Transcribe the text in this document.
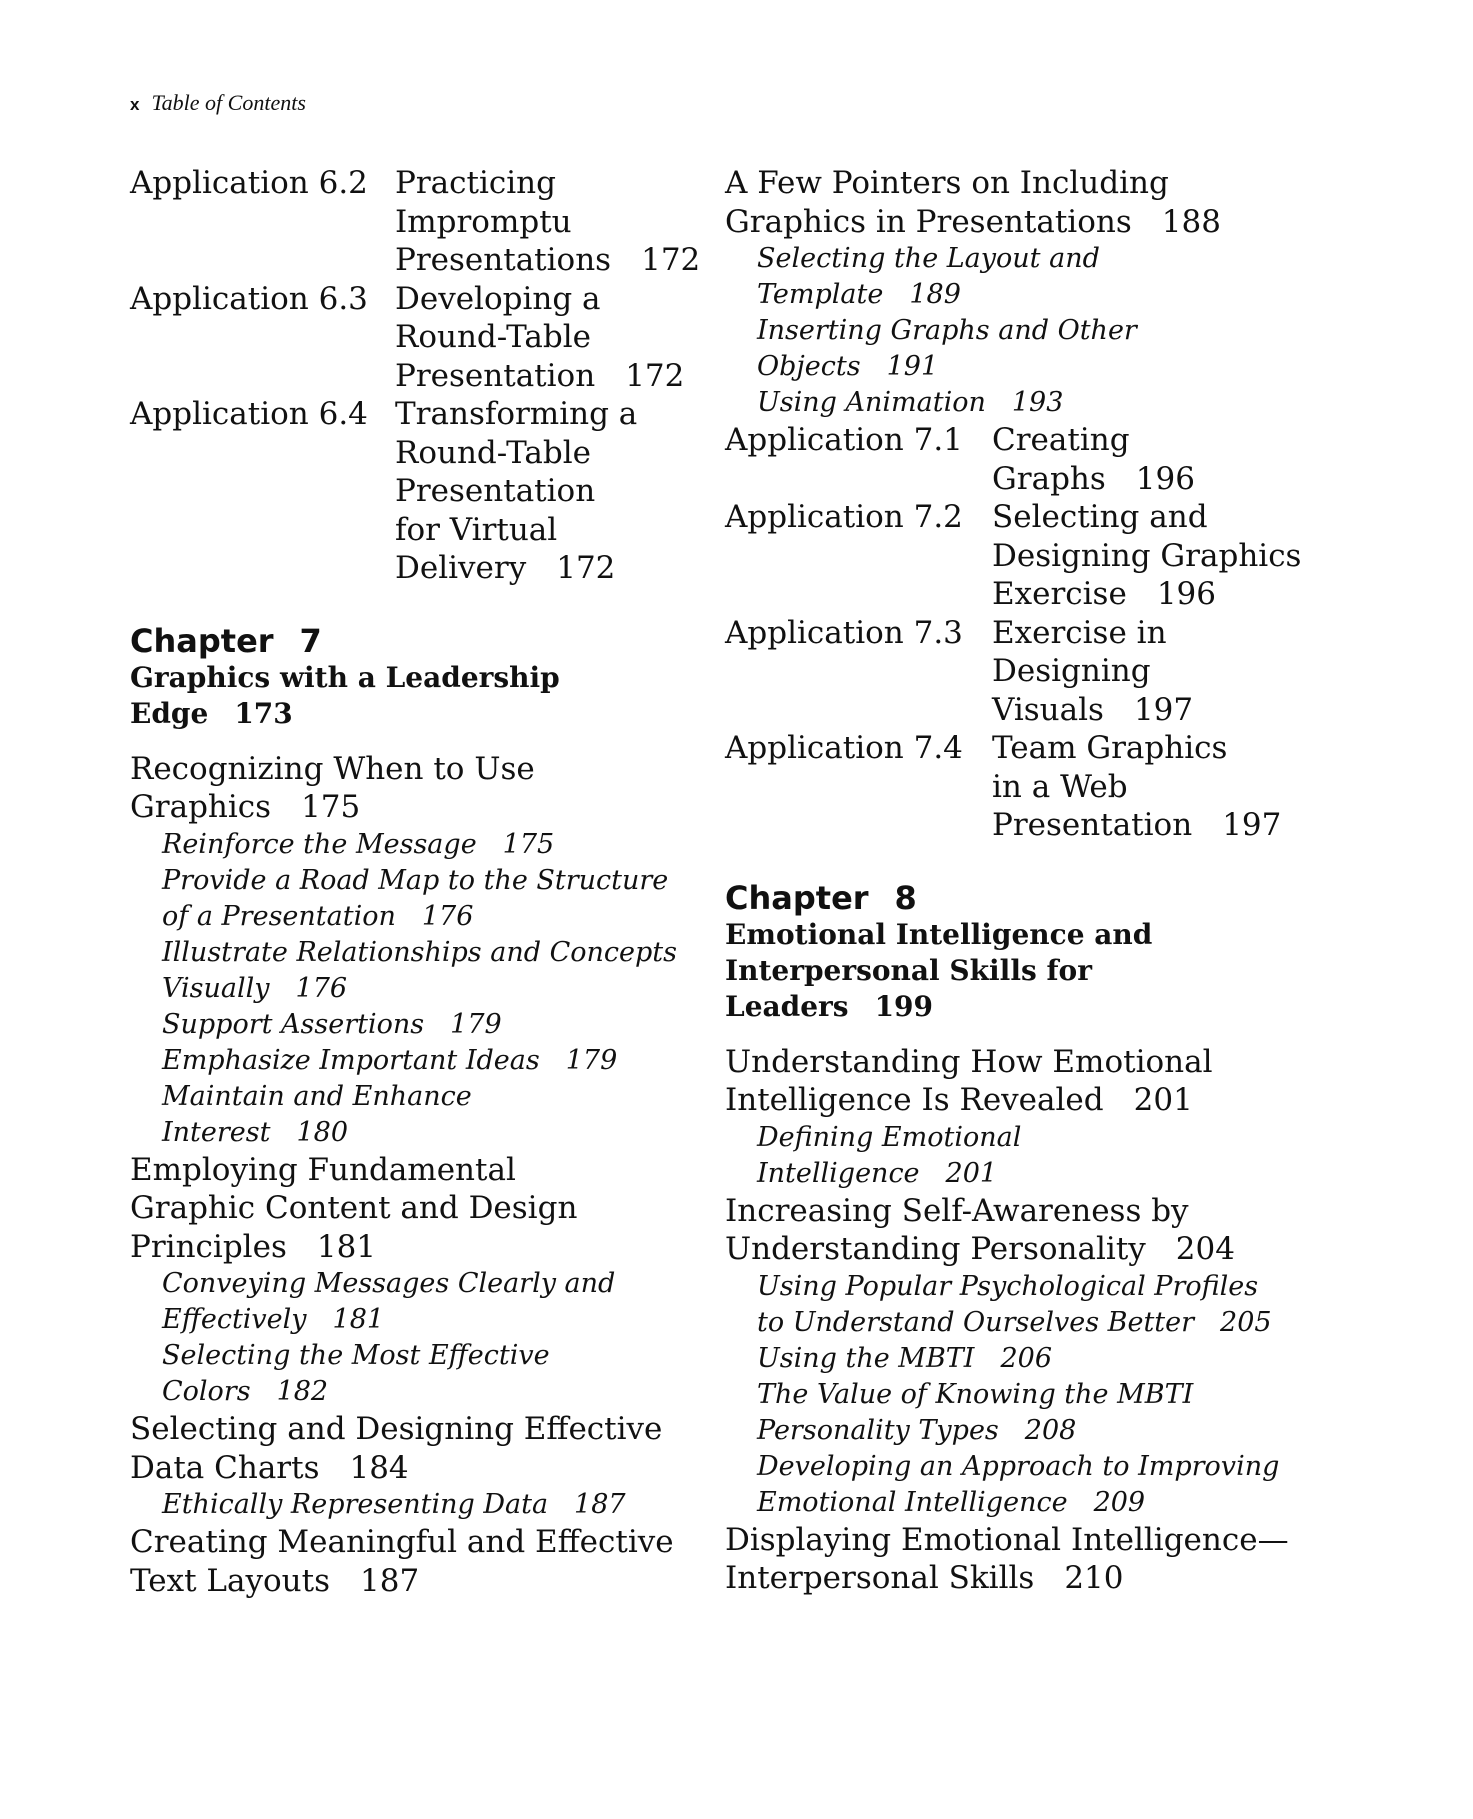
x Table of Contents
Application 6.2 Practicing
Impromptu
Presentations 172
Application 6.3 Developing a
Round-Table
Presentation 172
Application 6.4 Transforming a
Round-Table
Presentation
for Virtual
Delivery 172
Chapter 7
Graphics with a Leadership
Edge 173
Recognizing When to Use
Graphics 175
Reinforce the Message 175
Provide a Road Map to the Structure
of a Presentation 176
Illustrate Relationships and Concepts
Visually 176
Support Assertions 179
Emphasize Important Ideas 179
Maintain and Enhance
Interest 180
Employing Fundamental
Graphic Content and Design
Principles 181
Conveying Messages Clearly and
Effectively 181
Selecting the Most Effective
Colors 182
Selecting and Designing Effective
Data Charts 184
Ethically Representing Data 187
Creating Meaningful and Effective
Text Layouts 187
A Few Pointers on Including
Graphics in Presentations 188
Selecting the Layout and
Template 189
Inserting Graphs and Other
Objects 191
Using Animation 193
Application 7.1 Creating
Graphs 196
Application 7.2 Selecting and
Designing Graphics
Exercise 196
Application 7.3 Exercise in
Designing
Visuals 197
Application 7.4 Team Graphics
in a Web
Presentation 197
Chapter 8
Emotional Intelligence and
Interpersonal Skills for
Leaders 199
Understanding How Emotional
Intelligence Is Revealed 201
Defining Emotional
Intelligence 201
Increasing Self-Awareness by
Understanding Personality 204
Using Popular Psychological Profiles
to Understand Ourselves Better 205
Using the MBTI 206
The Value of Knowing the MBTI
Personality Types 208
Developing an Approach to Improving
Emotional Intelligence 209
Displaying Emotional Intelligence—
Interpersonal Skills 210
